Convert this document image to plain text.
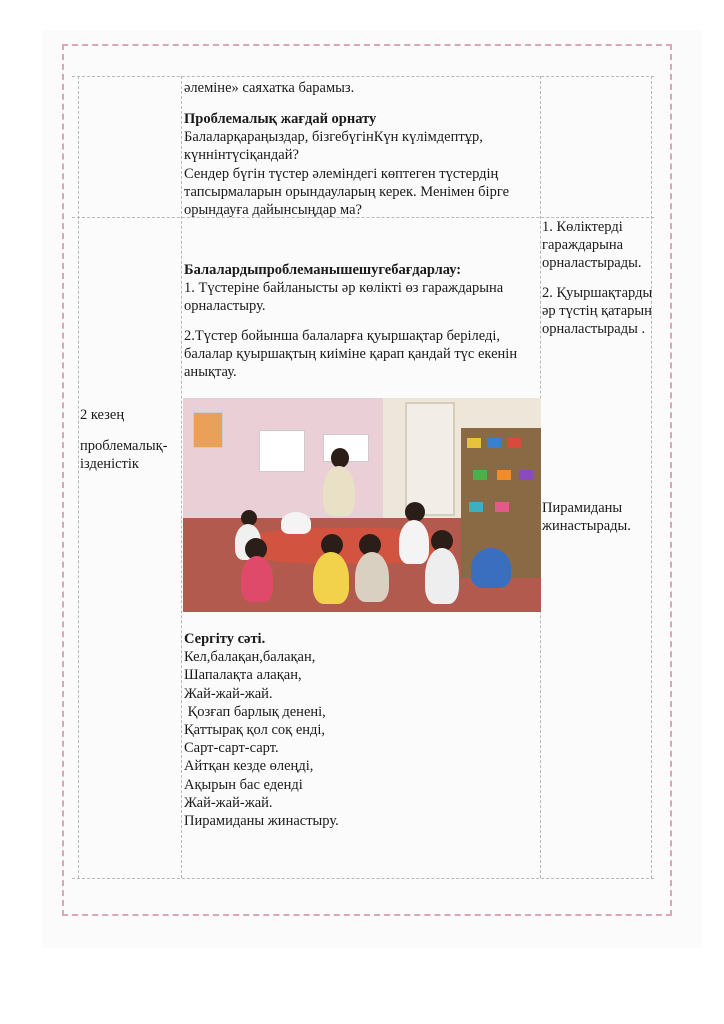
әлеміне» саяхатка барамыз.
Проблемалық жағдай орнату
Балаларқараңыздар, бізгебүгінКүн күлімдептұр,
күннінтүсіқандай?
Сендер бүгін түстер әлеміндегі көптеген түстердің
тапсырмаларын орындауларың керек. Менімен бірге
орындауға дайынсыңдар ма?
2 кезең
проблемалық-
ізденістік
Балалардыпроблеманышешугебағдарлау:
1. Түстеріне байланысты әр көлікті өз гараждарына
орналастыру.
2.Түстер бойынша балаларға қуыршақтар беріледі,
балалар қуыршақтың киіміне қарап қандай түс екенін
анықтау.
Сергіту сәті.
Кел,балақан,балақан,
Шапалақта алақан,
Жай-жай-жай.
Қозғап барлық денені,
Қаттырақ қол соқ енді,
Сарт-сарт-сарт.
Айтқан кезде өлеңді,
Ақырын бас еденді
Жай-жай-жай.
Пирамиданы жинастыру.
1. Көліктерді
гараждарына
орналастырады.
2. Қуыршақтарды
әр түстің қатарын
орналастырады .
Пирамиданы
жинастырады.
